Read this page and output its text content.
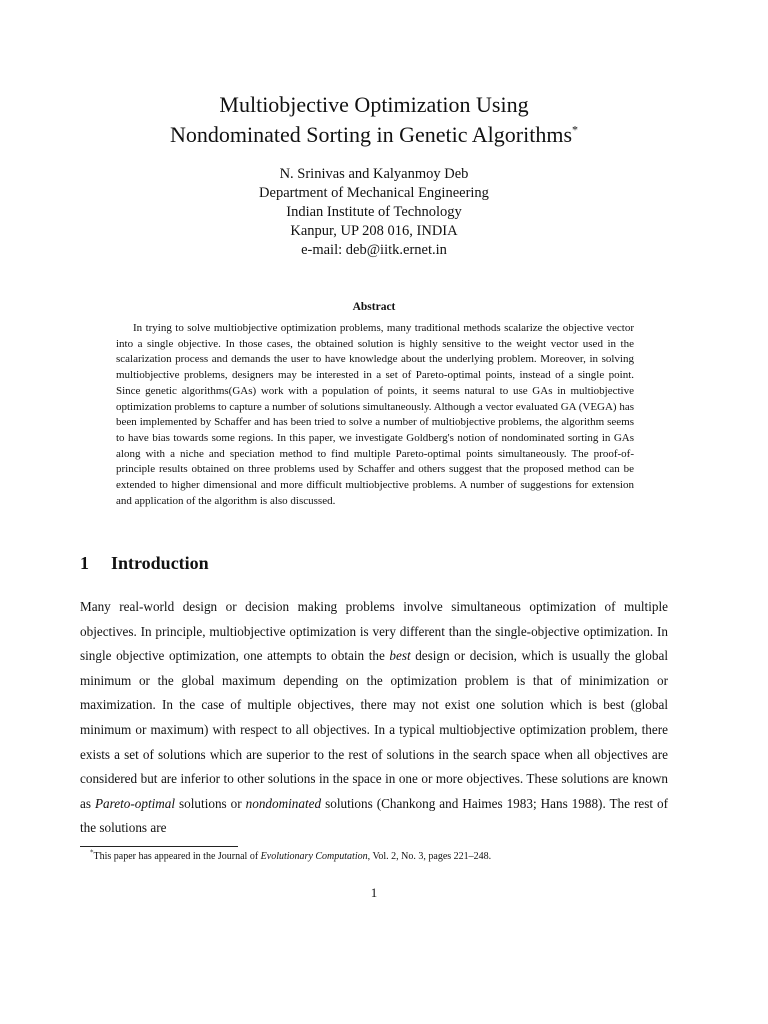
Multiobjective Optimization Using
Nondominated Sorting in Genetic Algorithms*
N. Srinivas and Kalyanmoy Deb
Department of Mechanical Engineering
Indian Institute of Technology
Kanpur, UP 208 016, INDIA
e-mail: deb@iitk.ernet.in
Abstract

In trying to solve multiobjective optimization problems, many traditional methods scalarize the objective vector into a single objective. In those cases, the obtained solution is highly sensitive to the weight vector used in the scalarization process and demands the user to have knowledge about the underlying problem. Moreover, in solving multiobjective problems, designers may be interested in a set of Pareto-optimal points, instead of a single point. Since genetic algorithms(GAs) work with a population of points, it seems natural to use GAs in multiobjective optimization problems to capture a number of solutions simultaneously. Although a vector evaluated GA (VEGA) has been implemented by Schaffer and has been tried to solve a number of multiobjective problems, the algorithm seems to have bias towards some regions. In this paper, we investigate Goldberg's notion of nondominated sorting in GAs along with a niche and speciation method to find multiple Pareto-optimal points simultaneously. The proof-of-principle results obtained on three problems used by Schaffer and others suggest that the proposed method can be extended to higher dimensional and more difficult multiobjective problems. A number of suggestions for extension and application of the algorithm is also discussed.

1 Introduction

Many real-world design or decision making problems involve simultaneous optimization of multiple objectives. In principle, multiobjective optimization is very different than the single-objective optimization. In single objective optimization, one attempts to obtain the best design or decision, which is usually the global minimum or the global maximum depending on the optimization problem is that of minimization or maximization. In the case of multiple objectives, there may not exist one solution which is best (global minimum or maximum) with respect to all objectives. In a typical multiobjective optimization problem, there exists a set of solutions which are superior to the rest of solutions in the search space when all objectives are considered but are inferior to other solutions in the space in one or more objectives. These solutions are known as Pareto-optimal solutions or nondominated solutions (Chankong and Haimes 1983; Hans 1988). The rest of the solutions are

*This paper has appeared in the Journal of Evolutionary Computation, Vol. 2, No. 3, pages 221–248.
1
